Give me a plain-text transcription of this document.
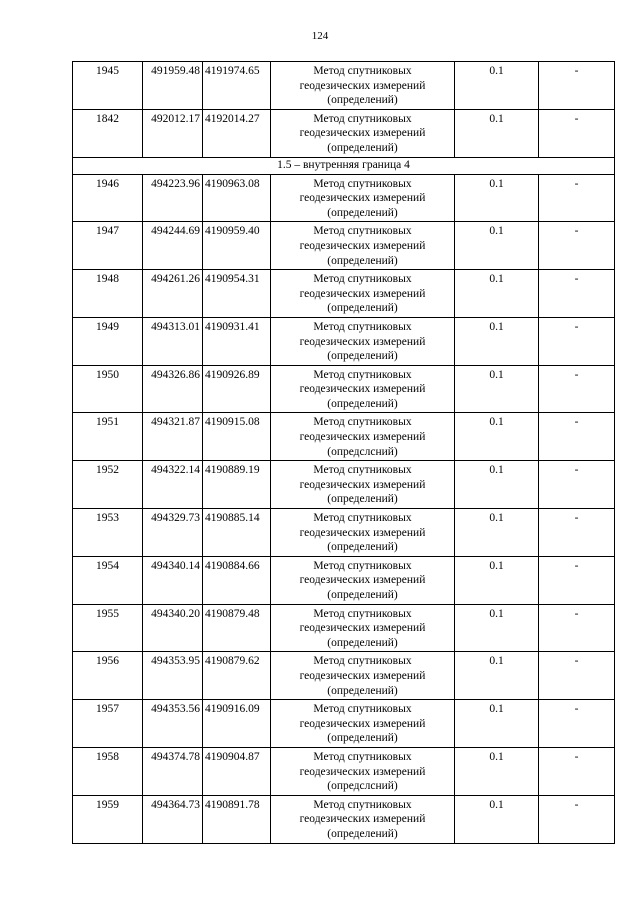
124
1945	491959.48	4191974.65	Метод спутниковых
геодезических измерений
(определений)	0.1	-
1842	492012.17	4192014.27	Метод спутниковых
геодезических измерений
(определений)	0.1	-
1.5 – внутренняя граница 4					
1946	494223.96	4190963.08	Метод спутниковых
геодезических измерений
(определений)	0.1	-
1947	494244.69	4190959.40	Метод спутниковых
геодезических измерений
(определений)	0.1	-
1948	494261.26	4190954.31	Метод спутниковых
геодезических измерений
(определений)	0.1	-
1949	494313.01	4190931.41	Метод спутниковых
геодезических измерений
(определений)	0.1	-
1950	494326.86	4190926.89	Метод спутниковых
геодезических измерений
(определений)	0.1	-
1951	494321.87	4190915.08	Метод спутниковых
геодезических измерений
(опредслсний)	0.1	-
1952	494322.14	4190889.19	Метод спутниковых
геодезических измерений
(определений)	0.1	-
1953	494329.73	4190885.14	Метод спутниковых
геодезических измерений
(определений)	0.1	-
1954	494340.14	4190884.66	Метод спутниковых
геодезических измерений
(определений)	0.1	-
1955	494340.20	4190879.48	Метод спутниковых
геодезических измерений
(определений)	0.1	-
1956	494353.95	4190879.62	Метод спутниковых
геодезических измерений
(определений)	0.1	-
1957	494353.56	4190916.09	Метод спутниковых
геодезических измерений
(определений)	0.1	-
1958	494374.78	4190904.87	Метод спутниковых
геодезических измерений
(опредслсний)	0.1	-
1959	494364.73	4190891.78	Метод спутниковых
геодезических измерений
(определений)	0.1	-
